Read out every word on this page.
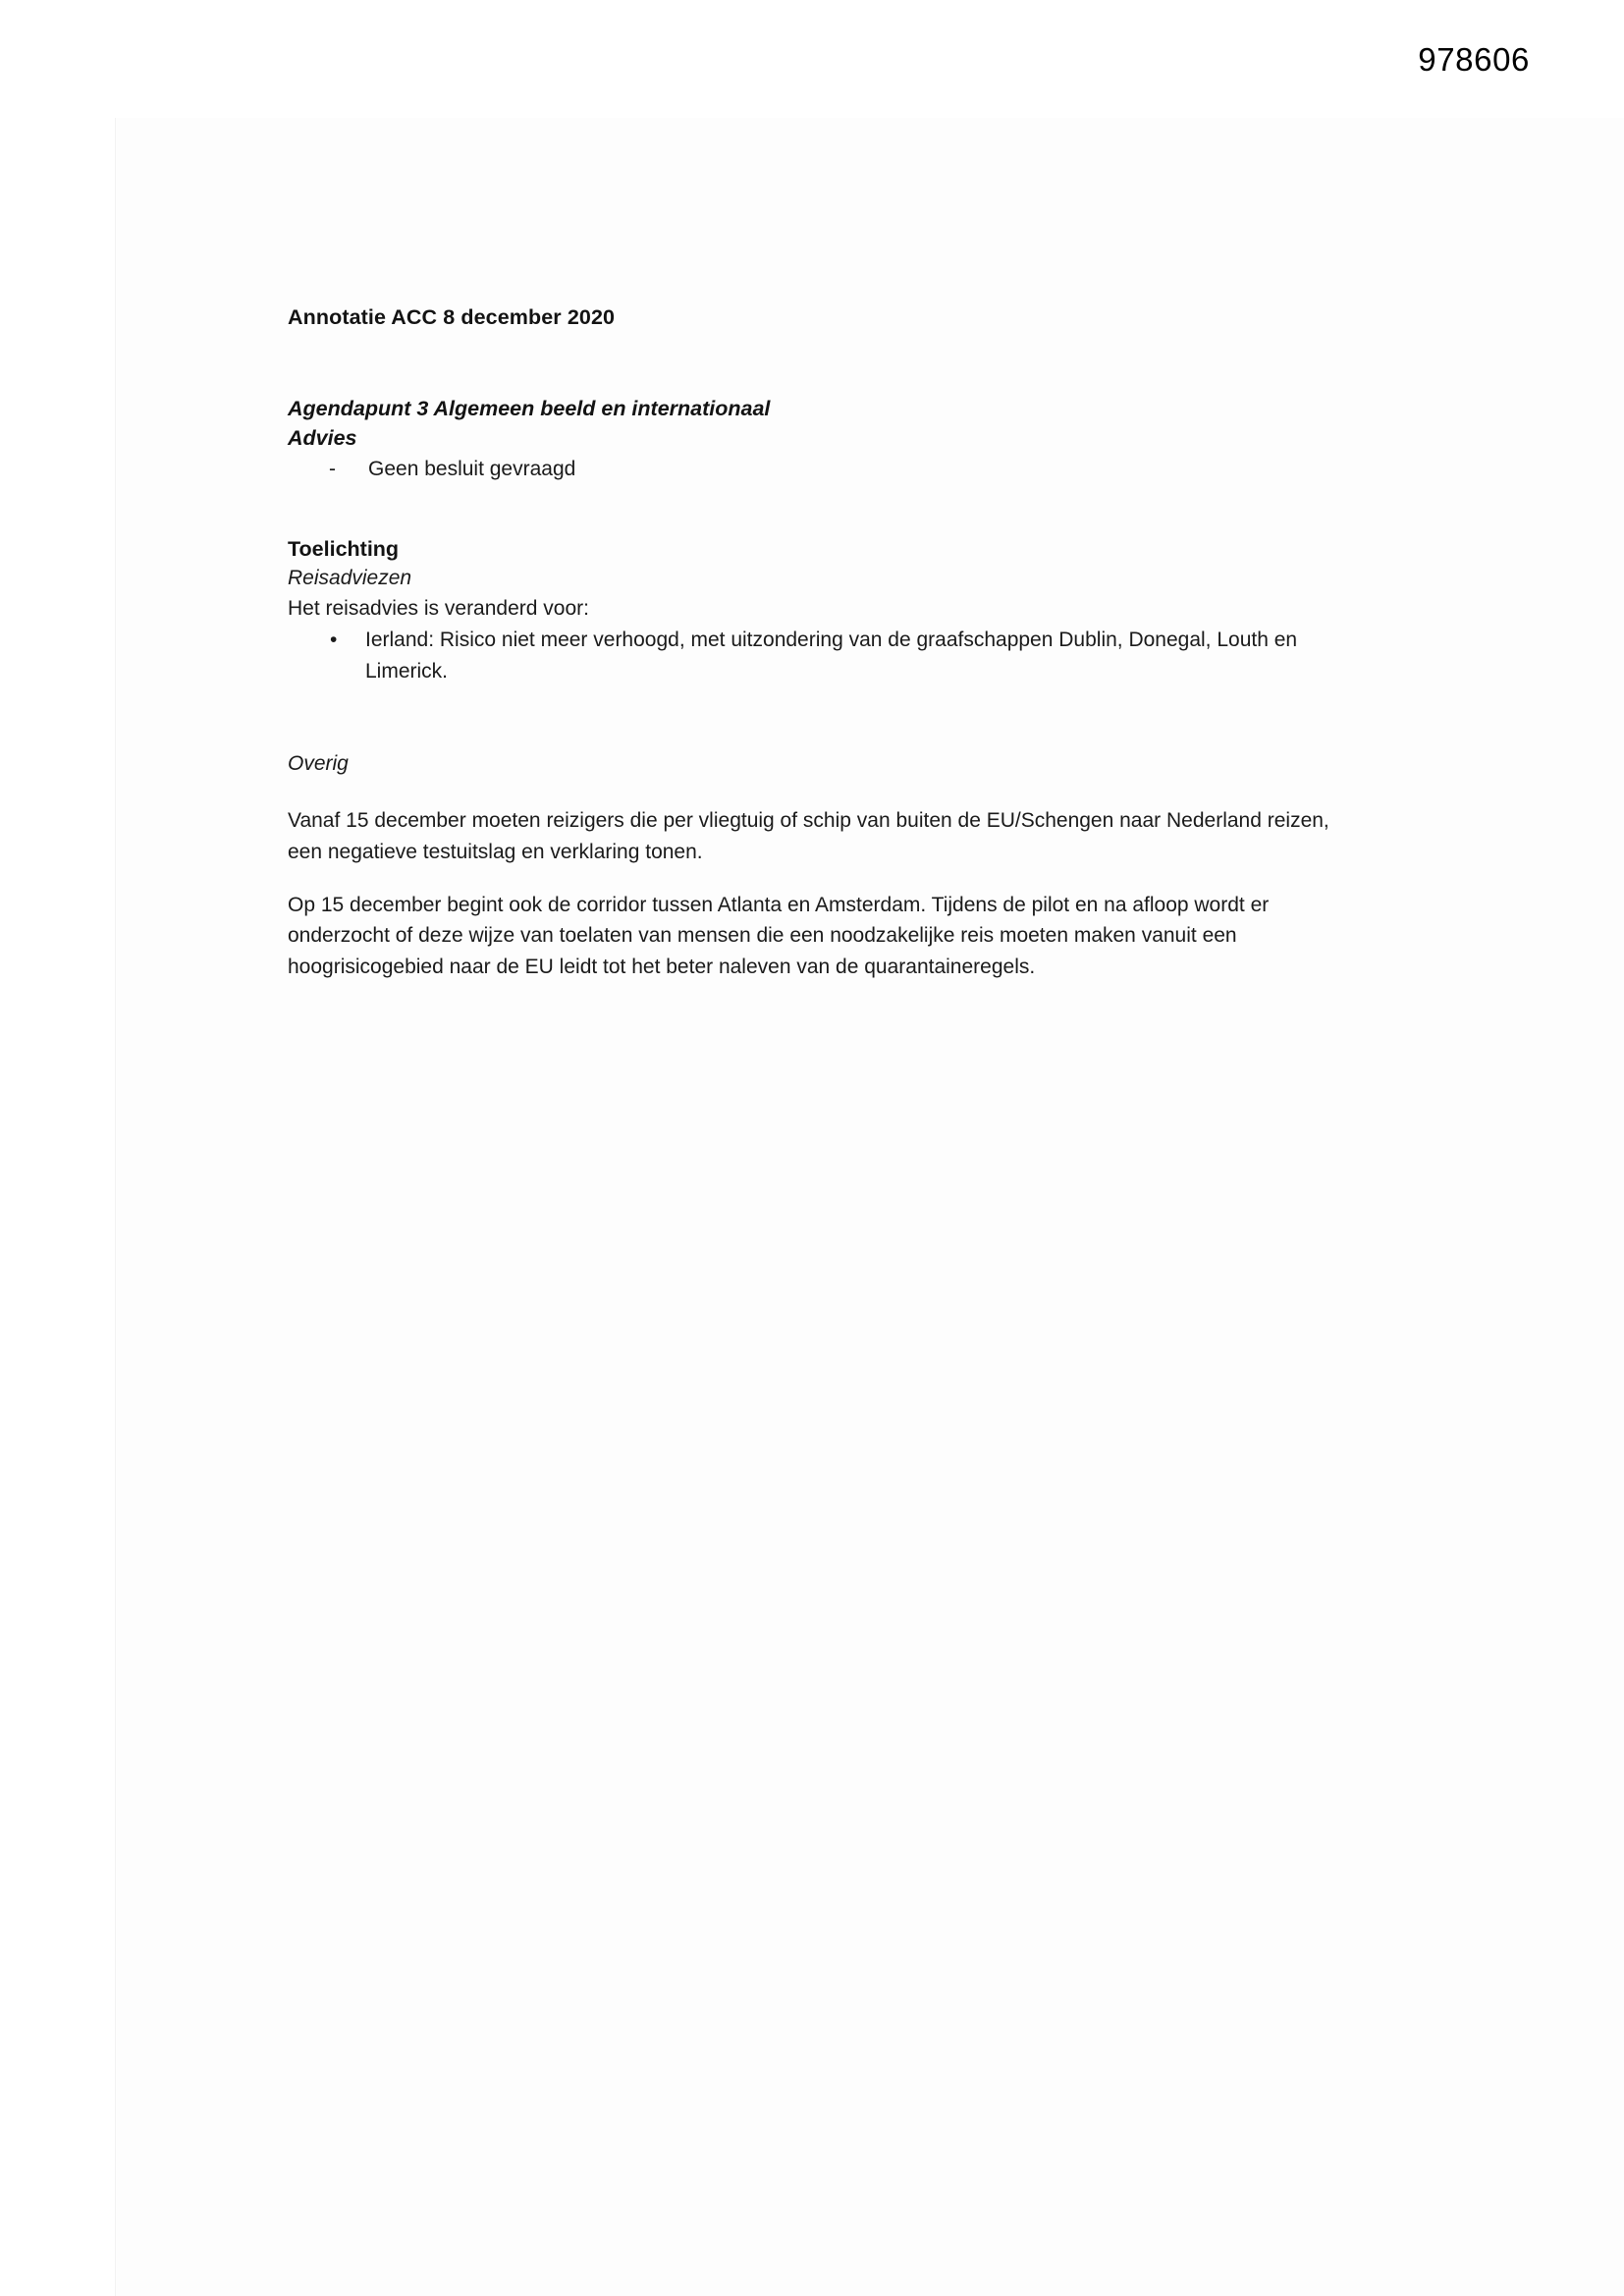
978606
Annotatie ACC 8 december 2020
Agendapunt 3 Algemeen beeld en internationaal
Advies
- Geen besluit gevraagd
Toelichting
Reisadviezen

Het reisadvies is veranderd voor:

• Ierland: Risico niet meer verhoogd, met uitzondering van de graafschappen Dublin, Donegal, Louth en Limerick.
Overig

Vanaf 15 december moeten reizigers die per vliegtuig of schip van buiten de EU/Schengen naar Nederland reizen, een negatieve testuitslag en verklaring tonen.

Op 15 december begint ook de corridor tussen Atlanta en Amsterdam. Tijdens de pilot en na afloop wordt er onderzocht of deze wijze van toelaten van mensen die een noodzakelijke reis moeten maken vanuit een hoogrisicogebied naar de EU leidt tot het beter naleven van de quarantaineregels.
